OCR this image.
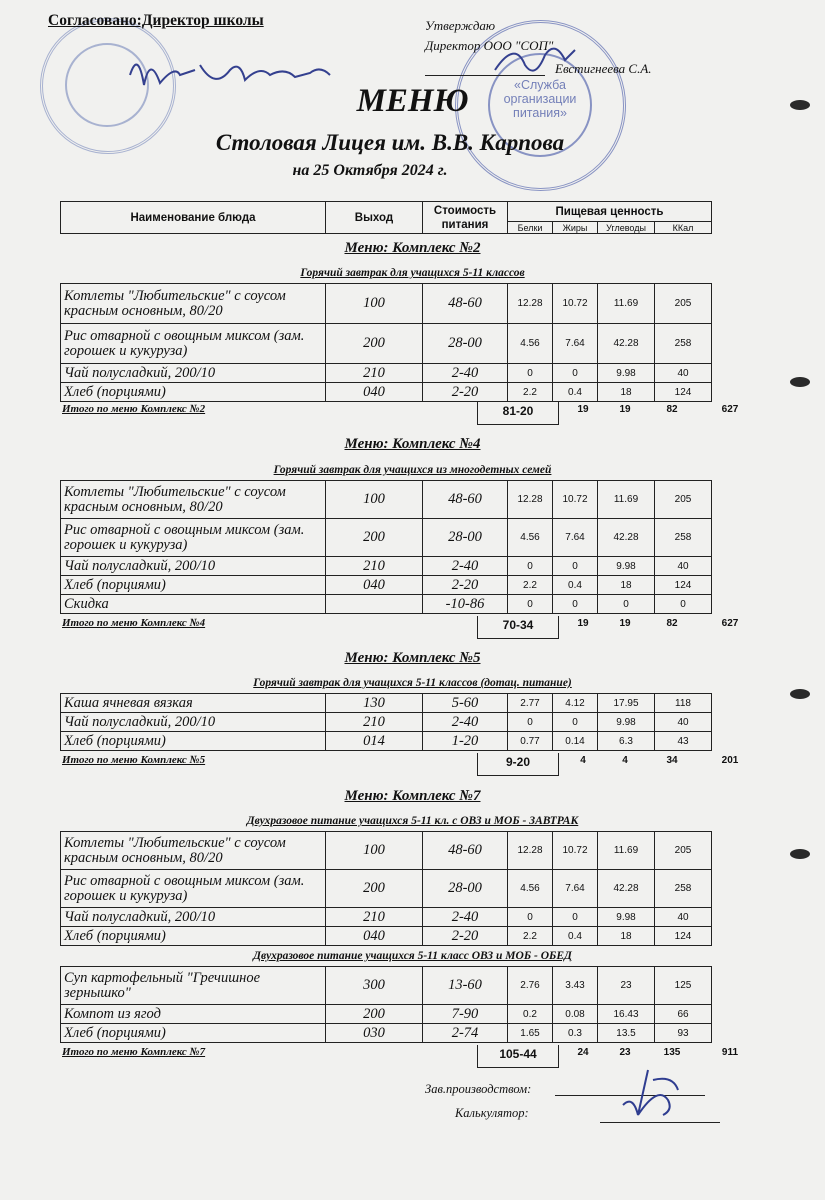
«Служба
организации
питания»
Согласовано:Директор школы	Утверждаю
Директор ООО "СОП"
Евстигнеева С.А.
МЕНЮ
Столовая Лицея им. В.В. Карпова
на 25 Октября 2024 г.
Наименование блюда	Выход	Стоимость
питания	Пищевая ценность			
			Белки	Жиры	Углеводы	ККал
Меню: Комплекс №2
Горячий завтрак для учащихся 5-11 классов
Котлеты "Любительские" с соусом красным основным, 80/20	100	48-60	12.28	10.72	11.69	205
Рис отварной с овощным миксом (зам. горошек и кукуруза)	200	28-00	4.56	7.64	42.28	258
Чай полусладкий, 200/10	210	2-40	0	0	9.98	40
Хлеб (порциями)	040	2-20	2.2	0.4	18	124
Итого по меню Комплекс №2	81-20	19	19	82	627
Меню: Комплекс №4
Горячий завтрак для учащихся из многодетных семей
Котлеты "Любительские" с соусом красным основным, 80/20	100	48-60	12.28	10.72	11.69	205
Рис отварной с овощным миксом (зам. горошек и кукуруза)	200	28-00	4.56	7.64	42.28	258
Чай полусладкий, 200/10	210	2-40	0	0	9.98	40
Хлеб (порциями)	040	2-20	2.2	0.4	18	124
Скидка		-10-86	0	0	0	0
Итого по меню Комплекс №4	70-34	19	19	82	627
Меню: Комплекс №5
Горячий завтрак для учащихся 5-11 классов (дотац. питание)
Каша ячневая вязкая	130	5-60	2.77	4.12	17.95	118
Чай полусладкий, 200/10	210	2-40	0	0	9.98	40
Хлеб (порциями)	014	1-20	0.77	0.14	6.3	43
Итого по меню Комплекс №5	9-20	4	4	34	201
Меню: Комплекс №7
Двухразовое питание учащихся 5-11 кл. с ОВЗ и МОБ - ЗАВТРАК
Котлеты "Любительские" с соусом красным основным, 80/20	100	48-60	12.28	10.72	11.69	205
Рис отварной с овощным миксом (зам. горошек и кукуруза)	200	28-00	4.56	7.64	42.28	258
Чай полусладкий, 200/10	210	2-40	0	0	9.98	40
Хлеб (порциями)	040	2-20	2.2	0.4	18	124
Двухразовое питание учащихся 5-11 класс ОВЗ и МОБ - ОБЕД
Суп картофельный "Гречишное зернышко"	300	13-60	2.76	3.43	23	125
Компот из ягод	200	7-90	0.2	0.08	16.43	66
Хлеб (порциями)	030	2-74	1.65	0.3	13.5	93
Итого по меню Комплекс №7	105-44	24	23	135	911
Зав.производством:
Калькулятор:
